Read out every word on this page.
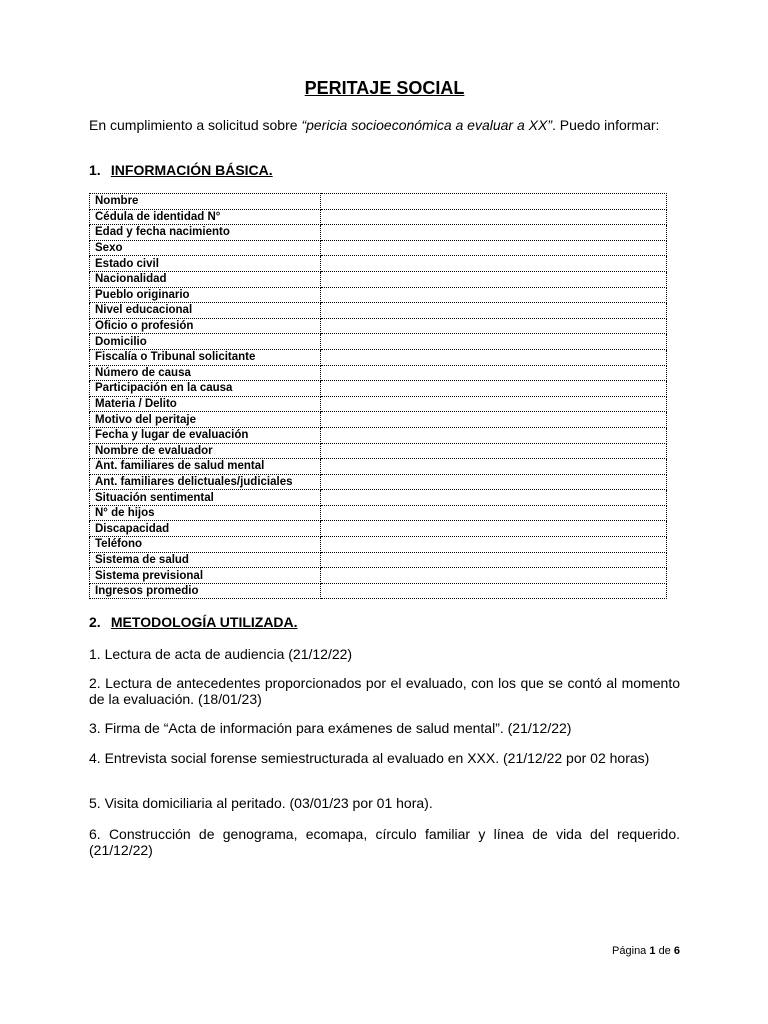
PERITAJE SOCIAL
En cumplimiento a solicitud sobre “pericia socioeconómica a evaluar a XX”. Puedo informar:
1. INFORMACIÓN BÁSICA.
Nombre	
Cédula de identidad N°	
Edad y fecha nacimiento	
Sexo	
Estado civil	
Nacionalidad	
Pueblo originario	
Nivel educacional	
Oficio o profesión	
Domicilio	
Fiscalía o Tribunal solicitante	
Número de causa	
Participación en la causa	
Materia / Delito	
Motivo del peritaje	
Fecha y lugar de evaluación	
Nombre de evaluador	
Ant. familiares de salud mental	
Ant. familiares delictuales/judiciales	
Situación sentimental	
N° de hijos	
Discapacidad	
Teléfono	
Sistema de salud	
Sistema previsional	
Ingresos promedio	
2. METODOLOGÍA UTILIZADA.
1. Lectura de acta de audiencia (21/12/22)
2. Lectura de antecedentes proporcionados por el evaluado, con los que se contó al momento de la evaluación. (18/01/23)
3. Firma de “Acta de información para exámenes de salud mental”. (21/12/22)
4. Entrevista social forense semiestructurada al evaluado en XXX. (21/12/22 por 02 horas)
5. Visita domiciliaria al peritado. (03/01/23 por 01 hora).
6. Construcción de genograma, ecomapa, círculo familiar y línea de vida del requerido. (21/12/22)
Página 1 de 6
